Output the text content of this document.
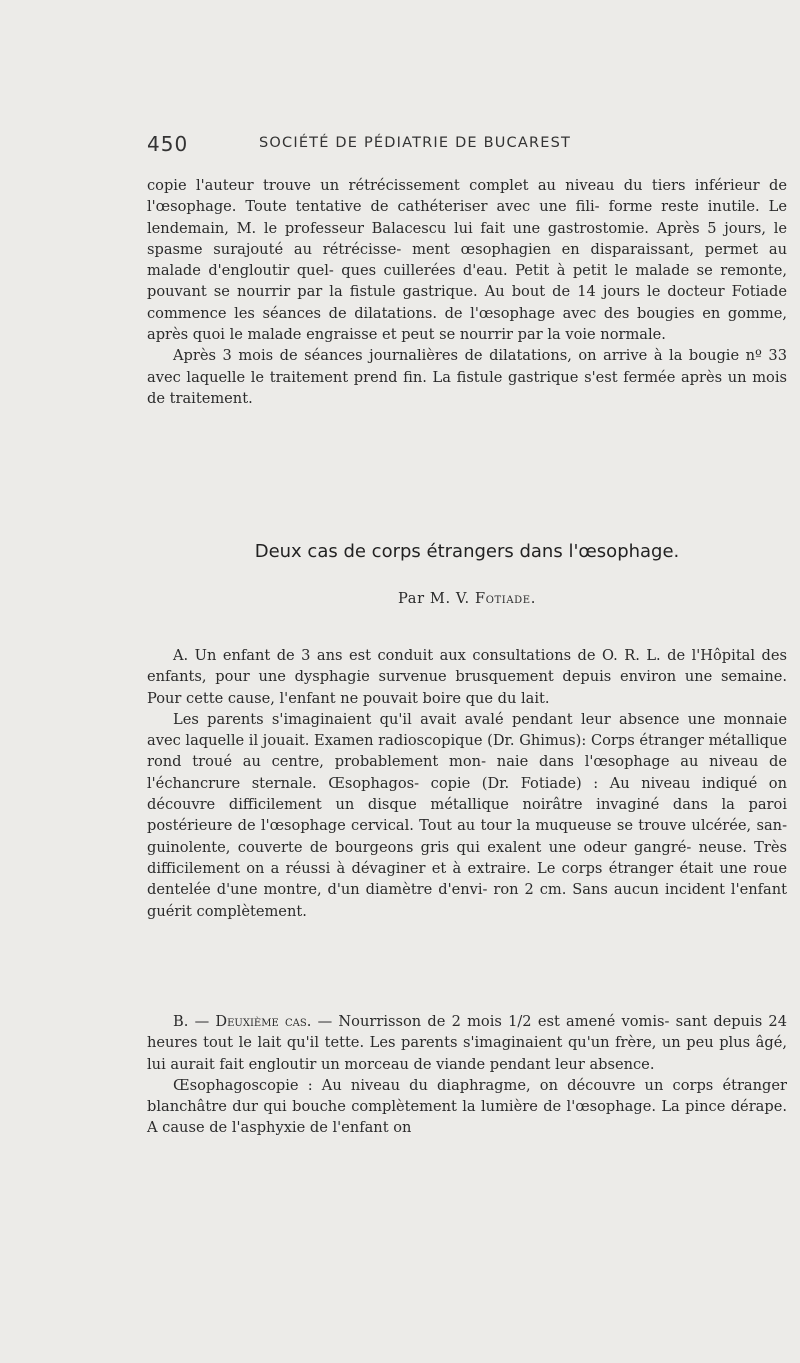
450	SOCIÉTÉ DE PÉDIATRIE DE BUCAREST

copie l'auteur trouve un rétrécissement complet au niveau du tiers inférieur de l'œsophage. Toute tentative de cathéteriser avec une fili- forme reste inutile. Le lendemain, M. le professeur Balacescu lui fait une gastrostomie. Après 5 jours, le spasme surajouté au rétrécisse- ment œsophagien en disparaissant, permet au malade d'engloutir quel- ques cuillerées d'eau. Petit à petit le malade se remonte, pouvant se nourrir par la fistule gastrique. Au bout de 14 jours le docteur Fotiade commence les séances de dilatations. de l'œsophage avec des bougies en gomme, après quoi le malade engraisse et peut se nourrir par la voie normale.

Après 3 mois de séances journalières de dilatations, on arrive à la bougie nº 33 avec laquelle le traitement prend fin. La fistule gastrique s'est fermée après un mois de traitement.

Deux cas de corps étrangers dans l'œsophage.
Par M. V. Fotiade.

A. Un enfant de 3 ans est conduit aux consultations de O. R. L. de l'Hôpital des enfants, pour une dysphagie survenue brusquement depuis environ une semaine. Pour cette cause, l'enfant ne pouvait boire que du lait.

Les parents s'imaginaient qu'il avait avalé pendant leur absence une monnaie avec laquelle il jouait. Examen radioscopique (Dr. Ghimus): Corps étranger métallique rond troué au centre, probablement mon- naie dans l'œsophage au niveau de l'échancrure sternale. Œsophagos- copie (Dr. Fotiade) : Au niveau indiqué on découvre difficilement un disque métallique noirâtre invaginé dans la paroi postérieure de l'œsophage cervical. Tout au tour la muqueuse se trouve ulcérée, san- guinolente, couverte de bourgeons gris qui exalent une odeur gangré- neuse. Très difficilement on a réussi à dévaginer et à extraire. Le corps étranger était une roue dentelée d'une montre, d'un diamètre d'envi- ron 2 cm. Sans aucun incident l'enfant guérit complètement.

B. — Deuxième cas. — Nourrisson de 2 mois 1/2 est amené vomis- sant depuis 24 heures tout le lait qu'il tette. Les parents s'imaginaient qu'un frère, un peu plus âgé, lui aurait fait engloutir un morceau de viande pendant leur absence.

Œsophagoscopie : Au niveau du diaphragme, on découvre un corps étranger blanchâtre dur qui bouche complètement la lumière de l'œsophage. La pince dérape. A cause de l'asphyxie de l'enfant on
